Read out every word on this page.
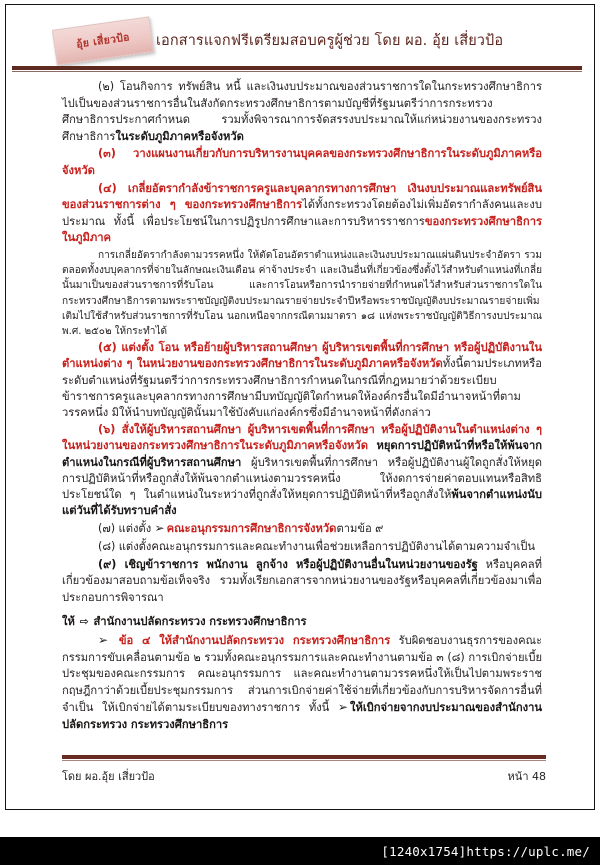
อุ้ย เสี่ยวป้อ เอกสารแจกฟรีเตรียมสอบครูผู้ช่วย โดย ผอ. อุ้ย เสี่ยวป้อ

(๒) โอนกิจการ ทรัพย์สิน หนี้ และเงินงบประมาณของส่วนราชการใดในกระทรวงศึกษาธิการไปเป็นของส่วนราชการอื่นในสังกัดกระทรวงศึกษาธิการตามบัญชีที่รัฐมนตรีว่าการกระทรวงศึกษาธิการประกาศกำหนด รวมทั้งพิจารณาการจัดสรรงบประมาณให้แก่หน่วยงานของกระทรวงศึกษาธิการในระดับภูมิภาคหรือจังหวัด

(๓) วางแผนงานเกี่ยวกับการบริหารงานบุคคลของกระทรวงศึกษาธิการในระดับภูมิภาคหรือจังหวัด

(๔) เกลี่ยอัตรากำลังข้าราชการครูและบุคลากรทางการศึกษา เงินงบประมาณและทรัพย์สินของส่วนราชการต่าง ๆ ของกระทรวงศึกษาธิการได้ทั้งกระทรวงโดยต้องไม่เพิ่มอัตรากำลังคนและงบประมาณ ทั้งนี้ เพื่อประโยชน์ในการปฏิรูปการศึกษาและการบริหารราชการของกระทรวงศึกษาธิการในภูมิภาค

การเกลี่ยอัตรากำลังตามวรรคหนึ่ง ให้ตัดโอนอัตราตำแหน่งและเงินงบประมาณแผ่นดินประจำอัตรา รวมตลอดทั้งงบบุคลากรที่จ่ายในลักษณะเงินเดือน ค่าจ้างประจำ และเงินอื่นที่เกี่ยวข้องซึ่งตั้งไว้สำหรับตำแหน่งที่เกลี่ยนั้นมาเป็นของส่วนราชการที่รับโอน และการโอนหรือการนำรายจ่ายที่กำหนดไว้สำหรับส่วนราชการใดในกระทรวงศึกษาธิการตามพระราชบัญญัติงบประมาณรายจ่ายประจำปีหรือพระราชบัญญัติงบประมาณรายจ่ายเพิ่มเติมไปใช้สำหรับส่วนราชการที่รับโอน นอกเหนือจากกรณีตามมาตรา ๑๘ แห่งพระราชบัญญัติวิธีการงบประมาณ พ.ศ. ๒๕๐๒ ให้กระทำได้

(๕) แต่งตั้ง โอน หรือย้ายผู้บริหารสถานศึกษา ผู้บริหารเขตพื้นที่การศึกษา หรือผู้ปฏิบัติงานในตำแหน่งต่าง ๆ ในหน่วยงานของกระทรวงศึกษาธิการในระดับภูมิภาคหรือจังหวัดทั้งนี้ตามประเภทหรือระดับตำแหน่งที่รัฐมนตรีว่าการกระทรวงศึกษาธิการกำหนดในกรณีที่กฎหมายว่าด้วยระเบียบข้าราชการครูและบุคลากรทางการศึกษามีบทบัญญัติใดกำหนดให้องค์กรอื่นใดมีอำนาจหน้าที่ตามวรรคหนึ่ง มิให้นำบทบัญญัตินั้นมาใช้บังคับแก่องค์กรซึ่งมีอำนาจหน้าที่ดังกล่าว

(๖) สั่งให้ผู้บริหารสถานศึกษา ผู้บริหารเขตพื้นที่การศึกษา หรือผู้ปฏิบัติงานในตำแหน่งต่าง ๆ ในหน่วยงานของกระทรวงศึกษาธิการในระดับภูมิภาคหรือจังหวัด หยุดการปฏิบัติหน้าที่หรือให้พ้นจากตำแหน่งในกรณีที่ผู้บริหารสถานศึกษา ผู้บริหารเขตพื้นที่การศึกษา หรือผู้ปฏิบัติงานผู้ใดถูกสั่งให้หยุดการปฏิบัติหน้าที่หรือถูกสั่งให้พ้นจากตำแหน่งตามวรรคหนึ่ง ให้งดการจ่ายค่าตอบแทนหรือสิทธิประโยชน์ใด ๆ ในตำแหน่งในระหว่างที่ถูกสั่งให้หยุดการปฏิบัติหน้าที่หรือถูกสั่งให้พ้นจากตำแหน่งนับแต่วันที่ได้รับทราบคำสั่ง

(๗) แต่งตั้ง ➢ คณะอนุกรรมการศึกษาธิการจังหวัดตามข้อ ๙

(๘) แต่งตั้งคณะอนุกรรมการและคณะทำงานเพื่อช่วยเหลือการปฏิบัติงานได้ตามความจำเป็น

(๙) เชิญข้าราชการ พนักงาน ลูกจ้าง หรือผู้ปฏิบัติงานอื่นในหน่วยงานของรัฐ หรือบุคคลที่เกี่ยวข้องมาสอบถามข้อเท็จจริง รวมทั้งเรียกเอกสารจากหน่วยงานของรัฐหรือบุคคลที่เกี่ยวข้องมาเพื่อประกอบการพิจารณา

ให้ ⇨ สำนักงานปลัดกระทรวง กระทรวงศึกษาธิการ

➢ ข้อ ๔ ให้สำนักงานปลัดกระทรวง กระทรวงศึกษาธิการ รับผิดชอบงานธุรการของคณะกรรมการขับเคลื่อนตามข้อ ๒ รวมทั้งคณะอนุกรรมการและคณะทำงานตามข้อ ๓ (๘) การเบิกจ่ายเบี้ยประชุมของคณะกรรมการ คณะอนุกรรมการ และคณะทำงานตามวรรคหนึ่งให้เป็นไปตามพระราชกฤษฎีกาว่าด้วยเบี้ยประชุมกรรมการ ส่วนการเบิกจ่ายค่าใช้จ่ายที่เกี่ยวข้องกับการบริหารจัดการอื่นที่จำเป็น ให้เบิกจ่ายได้ตามระเบียบของทางราชการ ทั้งนี้ ➢ ให้เบิกจ่ายจากงบประมาณของสำนักงานปลัดกระทรวง กระทรวงศึกษาธิการ

โดย ผอ.อุ้ย เสี่ยวป้อ	หน้า 48
[1240x1754]https://uplc.me/
